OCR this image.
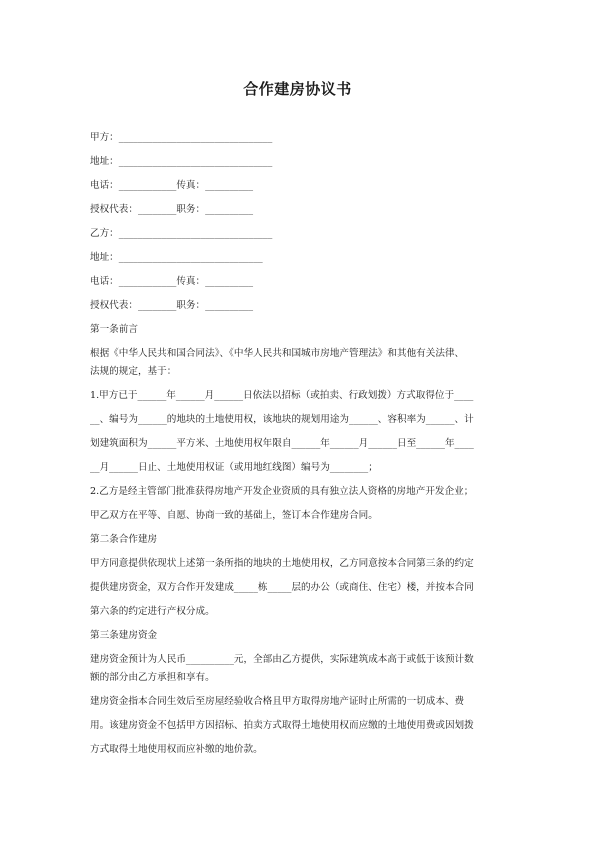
合作建房协议书

甲方：________________________________

地址：________________________________

电话：____________传真：__________

授权代表：________职务：__________

乙方：________________________________

地址：______________________________

电话：____________传真：__________

授权代表：________职务：__________

第一条前言

根据《中华人民共和国合同法》、《中华人民共和国城市房地产管理法》和其他有关法律、

法规的规定，基于：

1.甲方已于______年______月______日依法以招标（或拍卖、行政划拨）方式取得位于____

__、编号为______的地块的土地使用权，该地块的规划用途为______、容积率为______、计

划建筑面积为______平方米、土地使用权年限自______年______月______日至______年____

__月______日止、土地使用权证（或用地红线图）编号为________；

2.乙方是经主管部门批准获得房地产开发企业资质的具有独立法人资格的房地产开发企业；

甲乙双方在平等、自愿、协商一致的基础上，签订本合作建房合同。

第二条合作建房

甲方同意提供依现状上述第一条所指的地块的土地使用权，乙方同意按本合同第三条的约定

提供建房资金，双方合作开发建成_____栋_____层的办公（或商住、住宅）楼，并按本合同

第六条的约定进行产权分成。

第三条建房资金

建房资金预计为人民币__________元，全部由乙方提供，实际建筑成本高于或低于该预计数

额的部分由乙方承担和享有。

建房资金指本合同生效后至房屋经验收合格且甲方取得房地产证时止所需的一切成本、费

用。该建房资金不包括甲方因招标、拍卖方式取得土地使用权而应缴的土地使用费或因划拨

方式取得土地使用权而应补缴的地价款。
